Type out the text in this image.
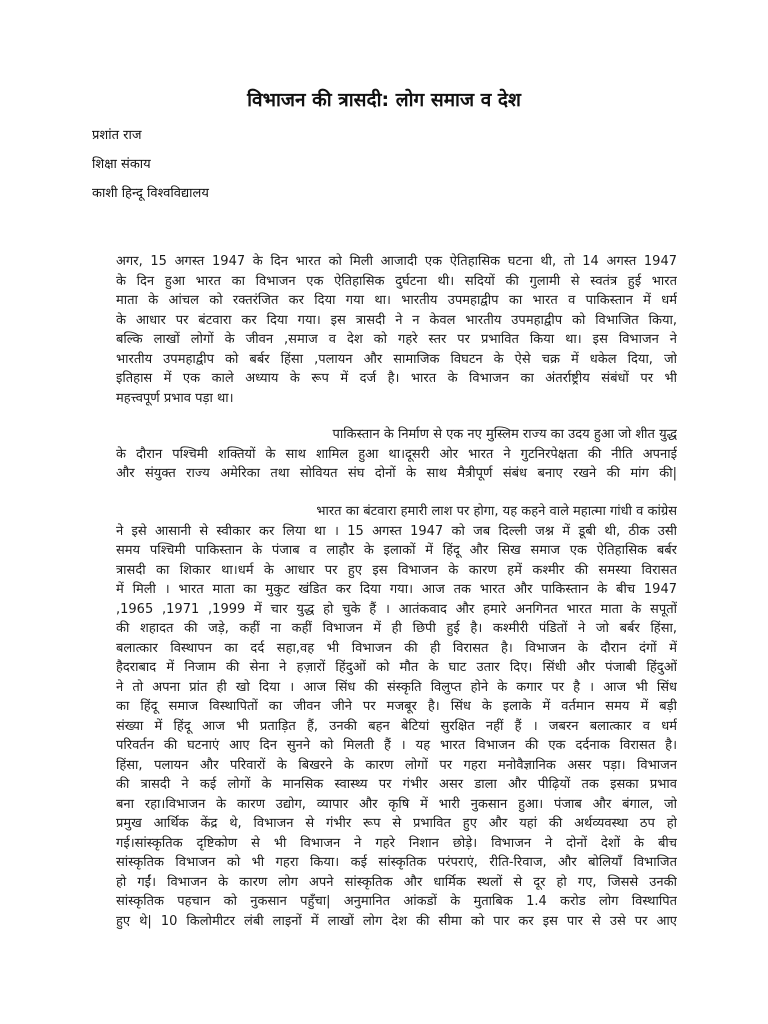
विभाजन की त्रासदी: लोग समाज व देश
प्रशांत राज
शिक्षा संकाय
काशी हिन्दू विश्वविद्यालय
अगर, 15 अगस्त 1947 के दिन भारत को मिली आजादी एक ऐतिहासिक घटना थी, तो 14 अगस्त 1947
के दिन हुआ भारत का विभाजन एक ऐतिहासिक दुर्घटना थी। सदियों की गुलामी से स्वतंत्र हुई भारत
माता के आंचल को रक्तरंजित कर दिया गया था। भारतीय उपमहाद्वीप का भारत व पाकिस्तान में धर्म
के आधार पर बंटवारा कर दिया गया। इस त्रासदी ने न केवल भारतीय उपमहाद्वीप को विभाजित किया,
बल्कि लाखों लोगों के जीवन ,समाज व देश को गहरे स्तर पर प्रभावित किया था। इस विभाजन ने
भारतीय उपमहाद्वीप को बर्बर हिंसा ,पलायन और सामाजिक विघटन के ऐसे चक्र में धकेल दिया, जो
इतिहास में एक काले अध्याय के रूप में दर्ज है। भारत के विभाजन का अंतर्राष्ट्रीय संबंधों पर भी
महत्त्वपूर्ण प्रभाव पड़ा था।
पाकिस्तान के निर्माण से एक नए मुस्लिम राज्य का उदय हुआ जो शीत युद्ध
के दौरान पश्चिमी शक्तियों के साथ शामिल हुआ था।दूसरी ओर भारत ने गुटनिरपेक्षता की नीति अपनाई
और संयुक्त राज्य अमेरिका तथा सोवियत संघ दोनों के साथ मैत्रीपूर्ण संबंध बनाए रखने की मांग की|
भारत का बंटवारा हमारी लाश पर होगा, यह कहने वाले महात्मा गांधी व कांग्रेस
ने इसे आसानी से स्वीकार कर लिया था । 15 अगस्त 1947 को जब दिल्ली जश्न में डूबी थी, ठीक उसी
समय पश्चिमी पाकिस्तान के पंजाब व लाहौर के इलाकों में हिंदू और सिख समाज एक ऐतिहासिक बर्बर
त्रासदी का शिकार था।धर्म के आधार पर हुए इस विभाजन के कारण हमें कश्मीर की समस्या विरासत
में मिली । भारत माता का मुकुट खंडित कर दिया गया। आज तक भारत और पाकिस्तान के बीच 1947
,1965 ,1971 ,1999 में चार युद्ध हो चुके हैं । आतंकवाद और हमारे अनगिनत भारत माता के सपूतों
की शहादत की जड़े, कहीं ना कहीं विभाजन में ही छिपी हुई है। कश्मीरी पंडितों ने जो बर्बर हिंसा,
बलात्कार विस्थापन का दर्द सहा,वह भी विभाजन की ही विरासत है। विभाजन के दौरान दंगों में
हैदराबाद में निजाम की सेना ने हज़ारों हिंदुओं को मौत के घाट उतार दिए। सिंधी और पंजाबी हिंदुओं
ने तो अपना प्रांत ही खो दिया । आज सिंध की संस्कृति विलुप्त होने के कगार पर है । आज भी सिंध
का हिंदू समाज विस्थापितों का जीवन जीने पर मजबूर है। सिंध के इलाके में वर्तमान समय में बड़ी
संख्या में हिंदू आज भी प्रताड़ित हैं, उनकी बहन बेटियां सुरक्षित नहीं हैं । जबरन बलात्कार व धर्म
परिवर्तन की घटनाएं आए दिन सुनने को मिलती हैं । यह भारत विभाजन की एक दर्दनाक विरासत है।
हिंसा, पलायन और परिवारों के बिखरने के कारण लोगों पर गहरा मनोवैज्ञानिक असर पड़ा। विभाजन
की त्रासदी ने कई लोगों के मानसिक स्वास्थ्य पर गंभीर असर डाला और पीढ़ियों तक इसका प्रभाव
बना रहा।विभाजन के कारण उद्योग, व्यापार और कृषि में भारी नुकसान हुआ। पंजाब और बंगाल, जो
प्रमुख आर्थिक केंद्र थे, विभाजन से गंभीर रूप से प्रभावित हुए और यहां की अर्थव्यवस्था ठप हो
गई।सांस्कृतिक दृष्टिकोण से भी विभाजन ने गहरे निशान छोड़े। विभाजन ने दोनों देशों के बीच
सांस्कृतिक विभाजन को भी गहरा किया। कई सांस्कृतिक परंपराएं, रीति-रिवाज, और बोलियाँ विभाजित
हो गईं। विभाजन के कारण लोग अपने सांस्कृतिक और धार्मिक स्थलों से दूर हो गए, जिससे उनकी
सांस्कृतिक पहचान को नुकसान पहुँचा| अनुमानित आंकडों के मुताबिक 1.4 करोड लोग विस्थापित
हुए थे| 10 किलोमीटर लंबी लाइनों में लाखों लोग देश की सीमा को पार कर इस पार से उसे पर आए
